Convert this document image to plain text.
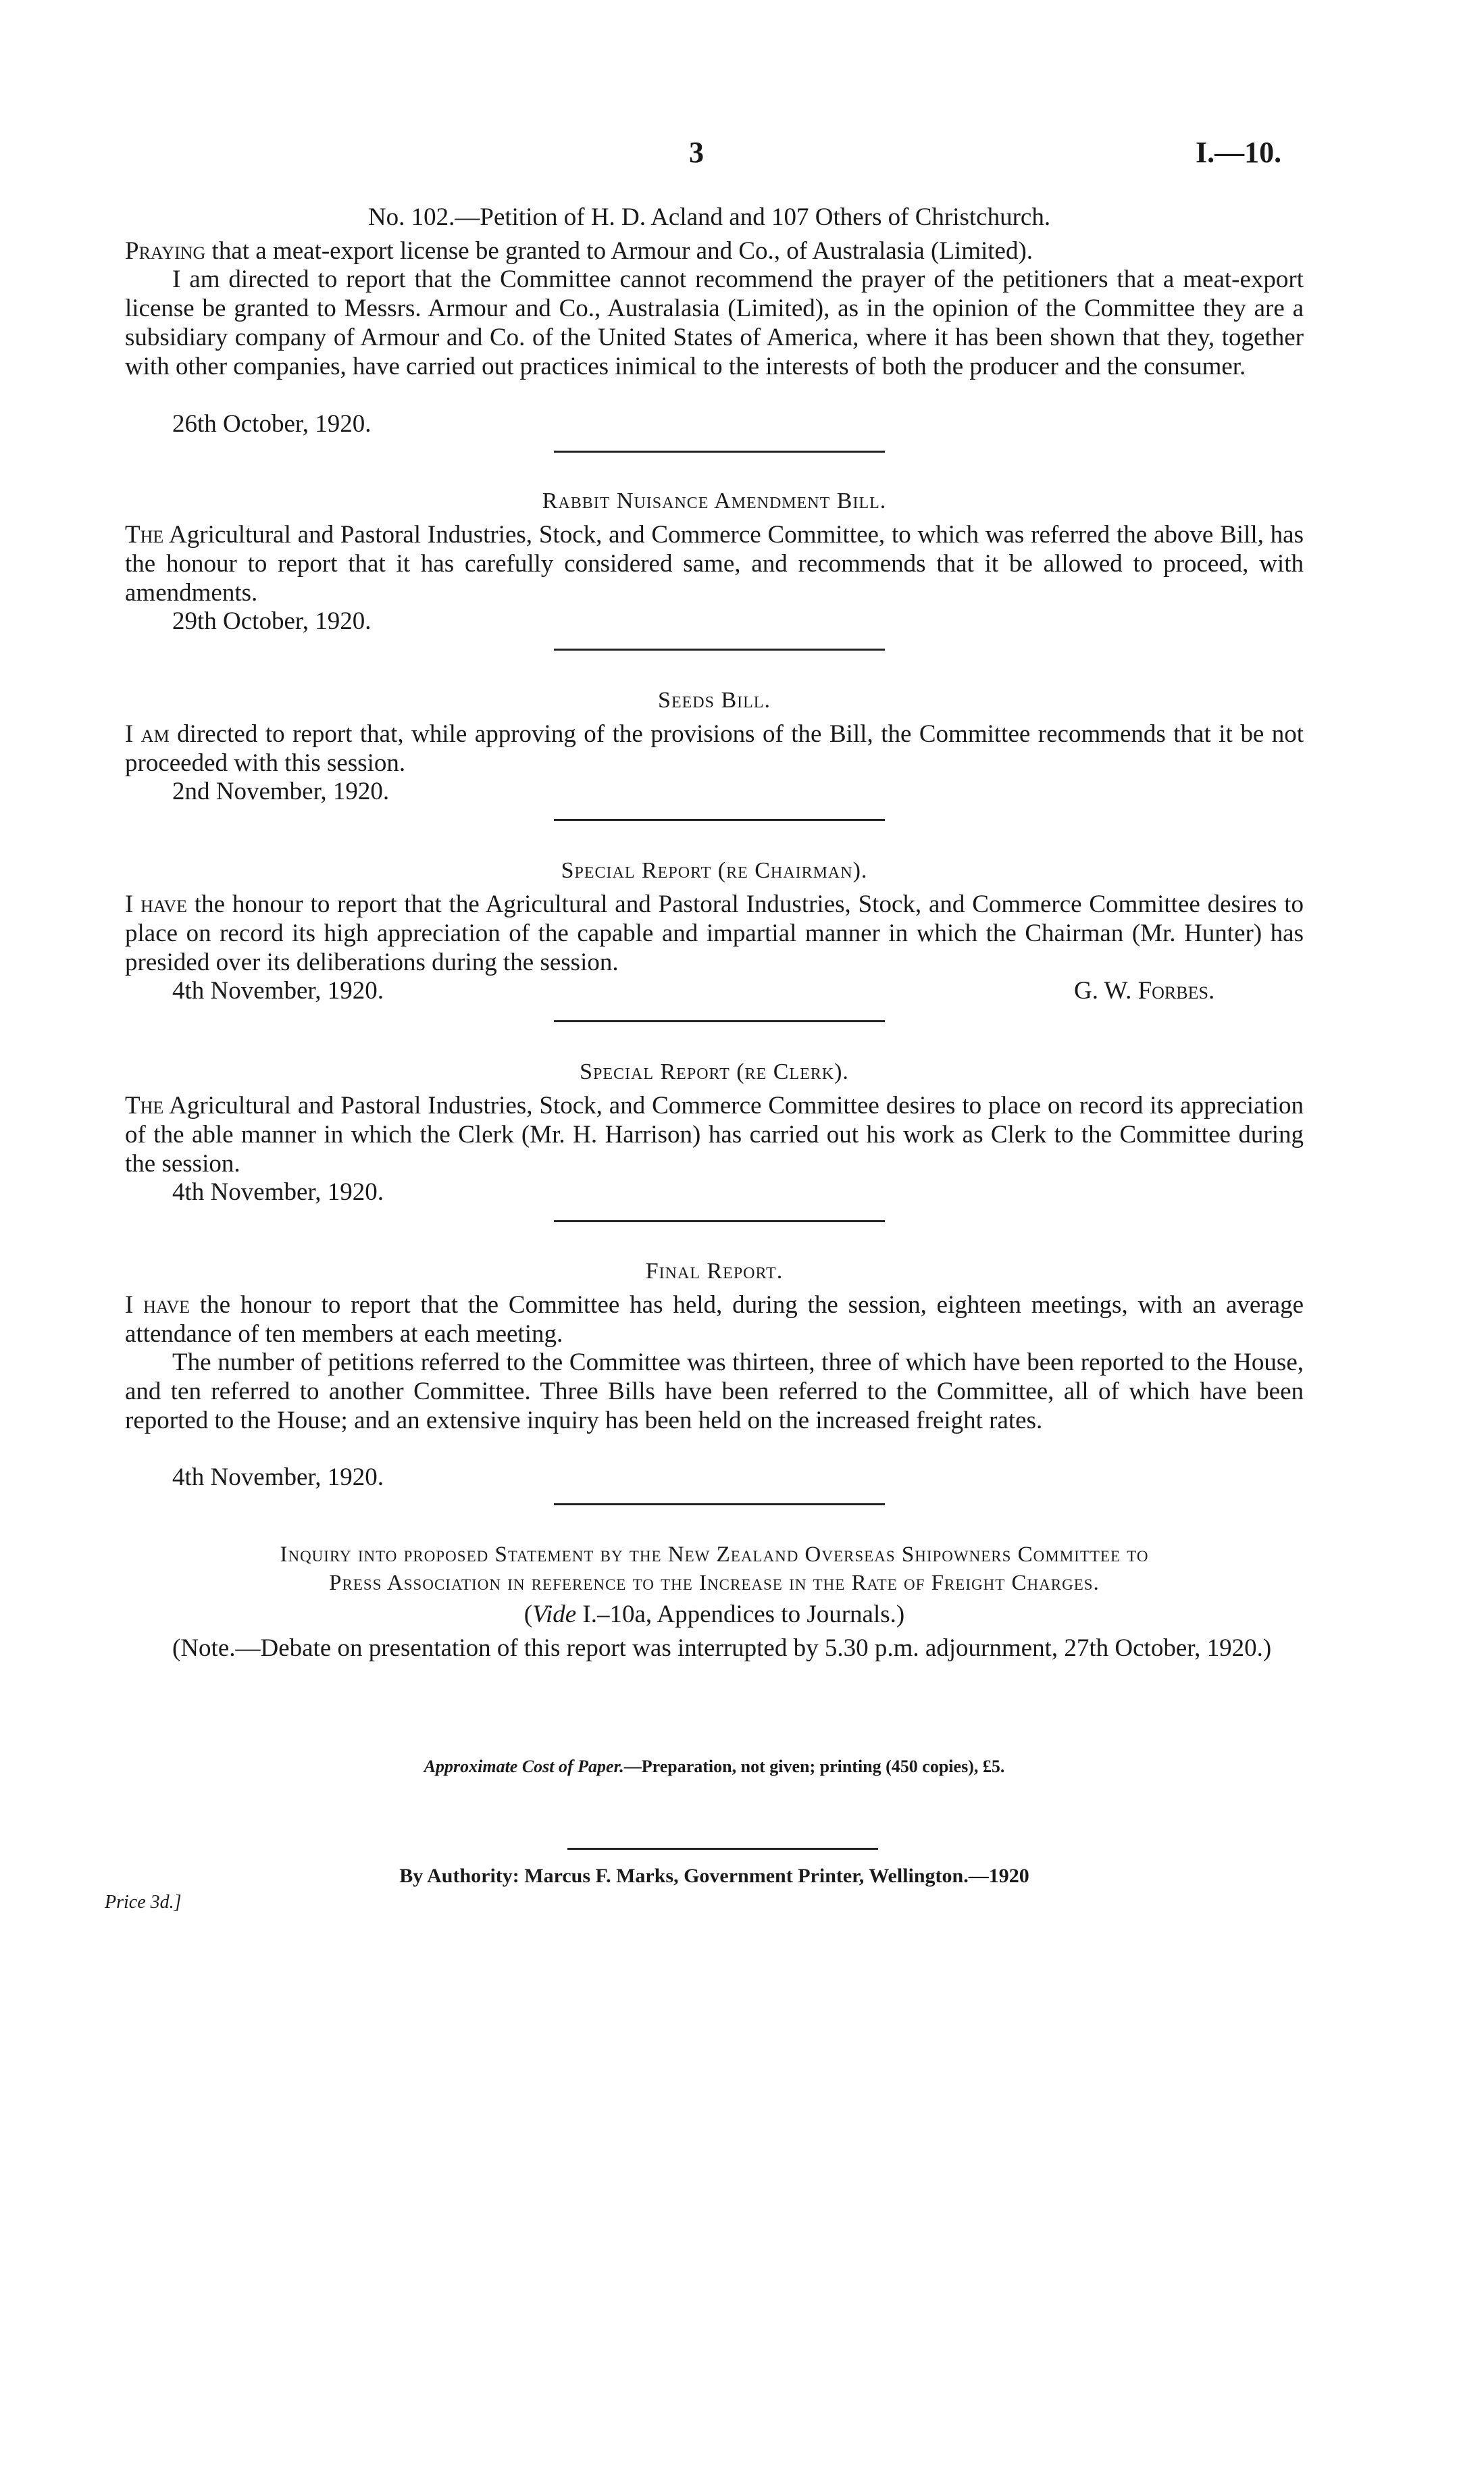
3	I.—10.
No. 102.—Petition of H. D. Acland and 107 Others of Christchurch.
Praying that a meat-export license be granted to Armour and Co., of Australasia (Limited).
I am directed to report that the Committee cannot recommend the prayer of the petitioners that a meat-export license be granted to Messrs. Armour and Co., Australasia (Limited), as in the opinion of the Committee they are a subsidiary company of Armour and Co. of the United States of America, where it has been shown that they, together with other companies, have carried out practices inimical to the interests of both the producer and the consumer.
26th October, 1920.
Rabbit Nuisance Amendment Bill.
The Agricultural and Pastoral Industries, Stock, and Commerce Committee, to which was referred the above Bill, has the honour to report that it has carefully considered same, and recommends that it be allowed to proceed, with amendments.
29th October, 1920.
Seeds Bill.
I am directed to report that, while approving of the provisions of the Bill, the Committee recommends that it be not proceeded with this session.
2nd November, 1920.
Special Report (re Chairman).
I have the honour to report that the Agricultural and Pastoral Industries, Stock, and Commerce Committee desires to place on record its high appreciation of the capable and impartial manner in which the Chairman (Mr. Hunter) has presided over its deliberations during the session.
4th November, 1920.	G. W. Forbes.
Special Report (re Clerk).
The Agricultural and Pastoral Industries, Stock, and Commerce Committee desires to place on record its appreciation of the able manner in which the Clerk (Mr. H. Harrison) has carried out his work as Clerk to the Committee during the session.
4th November, 1920.
Final Report.
I have the honour to report that the Committee has held, during the session, eighteen meetings, with an average attendance of ten members at each meeting.
The number of petitions referred to the Committee was thirteen, three of which have been reported to the House, and ten referred to another Committee. Three Bills have been referred to the Committee, all of which have been reported to the House; and an extensive inquiry has been held on the increased freight rates.
4th November, 1920.
Inquiry into proposed Statement by the New Zealand Overseas Shipowners Committee to
Press Association in reference to the Increase in the Rate of Freight Charges.
(Vide I.–10a, Appendices to Journals.)
(Note.—Debate on presentation of this report was interrupted by 5.30 p.m. adjournment, 27th October, 1920.)
Approximate Cost of Paper.—Preparation, not given; printing (450 copies), £5.
By Authority: Marcus F. Marks, Government Printer, Wellington.—1920
Price 3d.]
